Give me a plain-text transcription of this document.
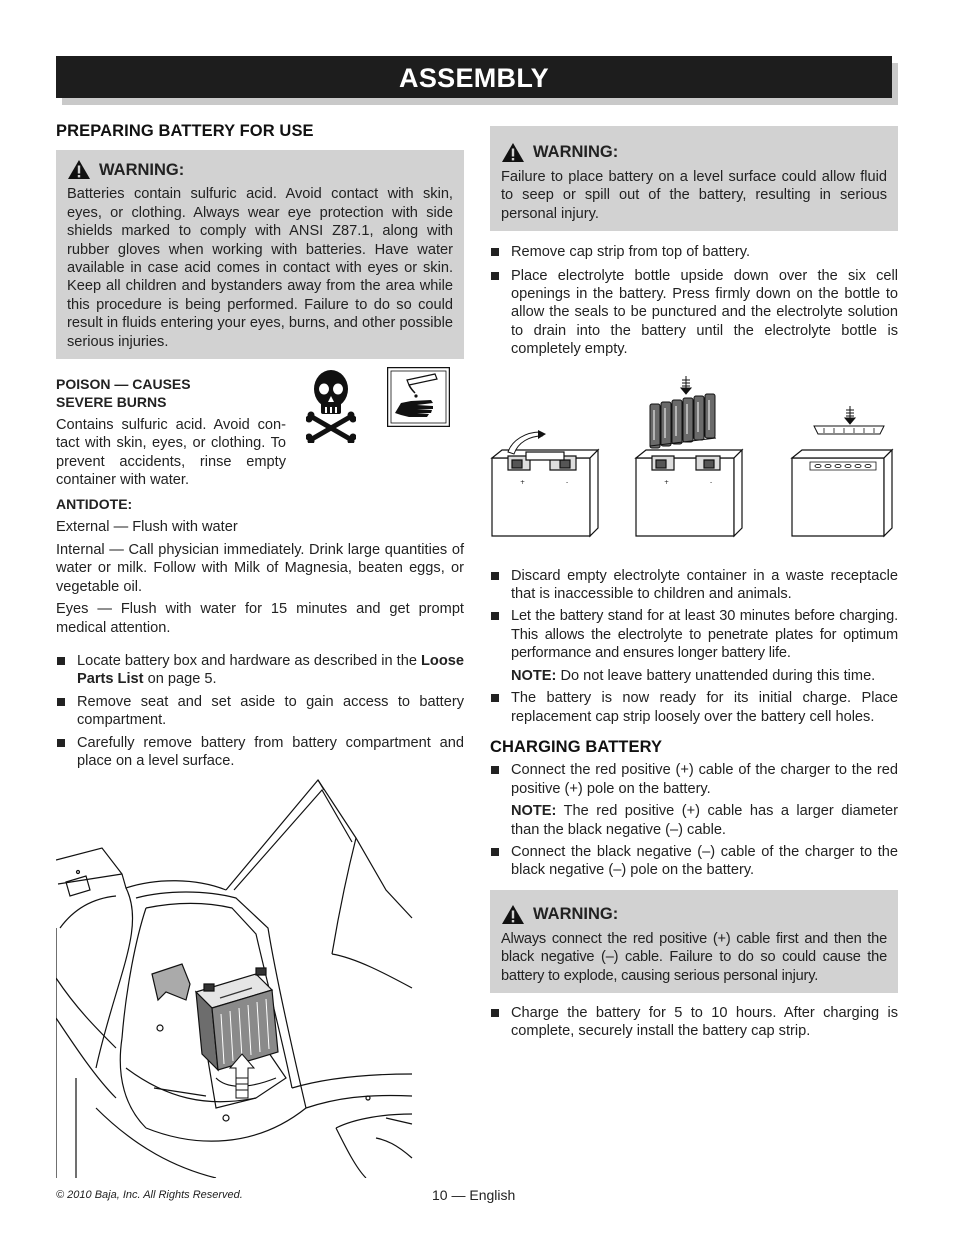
ASSEMBLY
PREPARING BATTERY FOR USE
WARNING:
Batteries contain sulfuric acid. Avoid contact with skin, eyes, or clothing. Always wear eye protection with side shields marked to comply with ANSI Z87.1, along with rubber gloves when working with batteries. Have water available in case acid comes in contact with eyes or skin. Keep all children and bystanders away from the area while this procedure is being performed. Failure to do so could result in fluids entering your eyes, burns, and other possible serious injuries.
POISON — CAUSES
SEVERE BURNS

Contains sulfuric acid. Avoid con-tact with skin, eyes, or clothing. To prevent accidents, rinse empty container with water.

ANTIDOTE:

External — Flush with water

Internal — Call physician immediately. Drink large quantities of water or milk. Follow with Milk of Magnesia, beaten eggs, or vegetable oil.

Eyes — Flush with water for 15 minutes and get prompt medical attention.

Locate battery box and hardware as described in the Loose Parts List on page 5.
Remove seat and set aside to gain access to battery compartment.
Carefully remove battery from battery compartment and place on a level surface.
WARNING:
Failure to place battery on a level surface could allow fluid to seep or spill out of the battery, resulting in serious personal injury.
Remove cap strip from top of battery.
Place electrolyte bottle upside down over the six cell openings in the battery. Press firmly down on the bottle to allow the seals to be punctured and the electrolyte solution to drain into the battery until the electrolyte bottle is completely empty.
Discard empty electrolyte container in a waste receptacle that is inaccessible to children and animals.
Let the battery stand for at least 30 minutes before charging. This allows the electrolyte to penetrate plates for optimum performance and ensures longer battery life.
NOTE: Do not leave battery unattended during this time.
The battery is now ready for its initial charge. Place replacement cap strip loosely over the battery cell holes.
CHARGING BATTERY
Connect the red positive (+) cable of the charger to the red positive (+) pole on the battery.
NOTE: The red positive (+) cable has a larger diameter than the black negative (–) cable.
Connect the black negative (–) cable of the charger to the black negative (–) pole on the battery.
WARNING:
Always connect the red positive (+) cable first and then the black negative (–) cable. Failure to do so could cause the battery to explode, causing serious personal injury.
Charge the battery for 5 to 10 hours. After charging is complete, securely install the battery cap strip.
+	-	+	-
© 2010 Baja, Inc. All Rights Reserved.	10 — English
